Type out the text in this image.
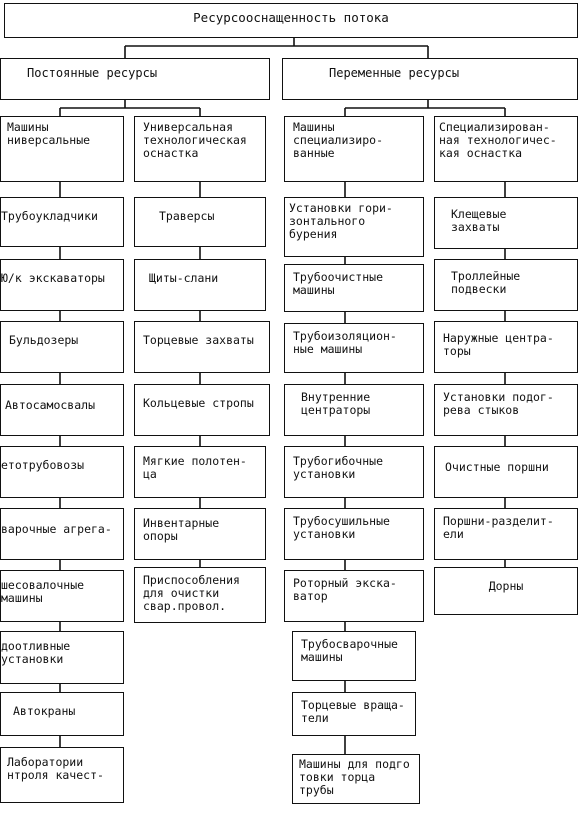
Ресурсооснащенность потока
Постоянные ресурсы	Переменные ресурсы
Машины
ниверсальные
Трубоукладчики
Ю/к экскаваторы
Бульдозеры
Автосамосвалы
етотрубовозы
варочные агрега-
шесовалочные
машины
доотливные
установки
Автокраны
Лаборатории
нтроля качест-
Универсальная
технологическая
оснастка
Траверсы
Щиты-слани
Торцевые захваты
Кольцевые стропы
Мягкие полотен-
ца
Инвентарные
опоры
Приспособления
для очистки
свар.провол.
Машины
специализиро-
ванные
Установки гори-
зонтального
бурения
Трубоочистные
машины
Трубоизоляцион-
ные машины
Внутренние
центраторы
Трубогибочные
установки
Трубосушильные
установки
Роторный экска-
ватор
Трубосварочные
машины
Торцевые враща-
тели
Машины для подго
товки торца
трубы
Специализирован-
ная технологичес-
кая оснастка
Клещевые
захваты
Троллейные
подвески
Наружные центра-
торы
Установки подог-
рева стыков
Очистные поршни
Поршни-разделит-
ели
Дорны
